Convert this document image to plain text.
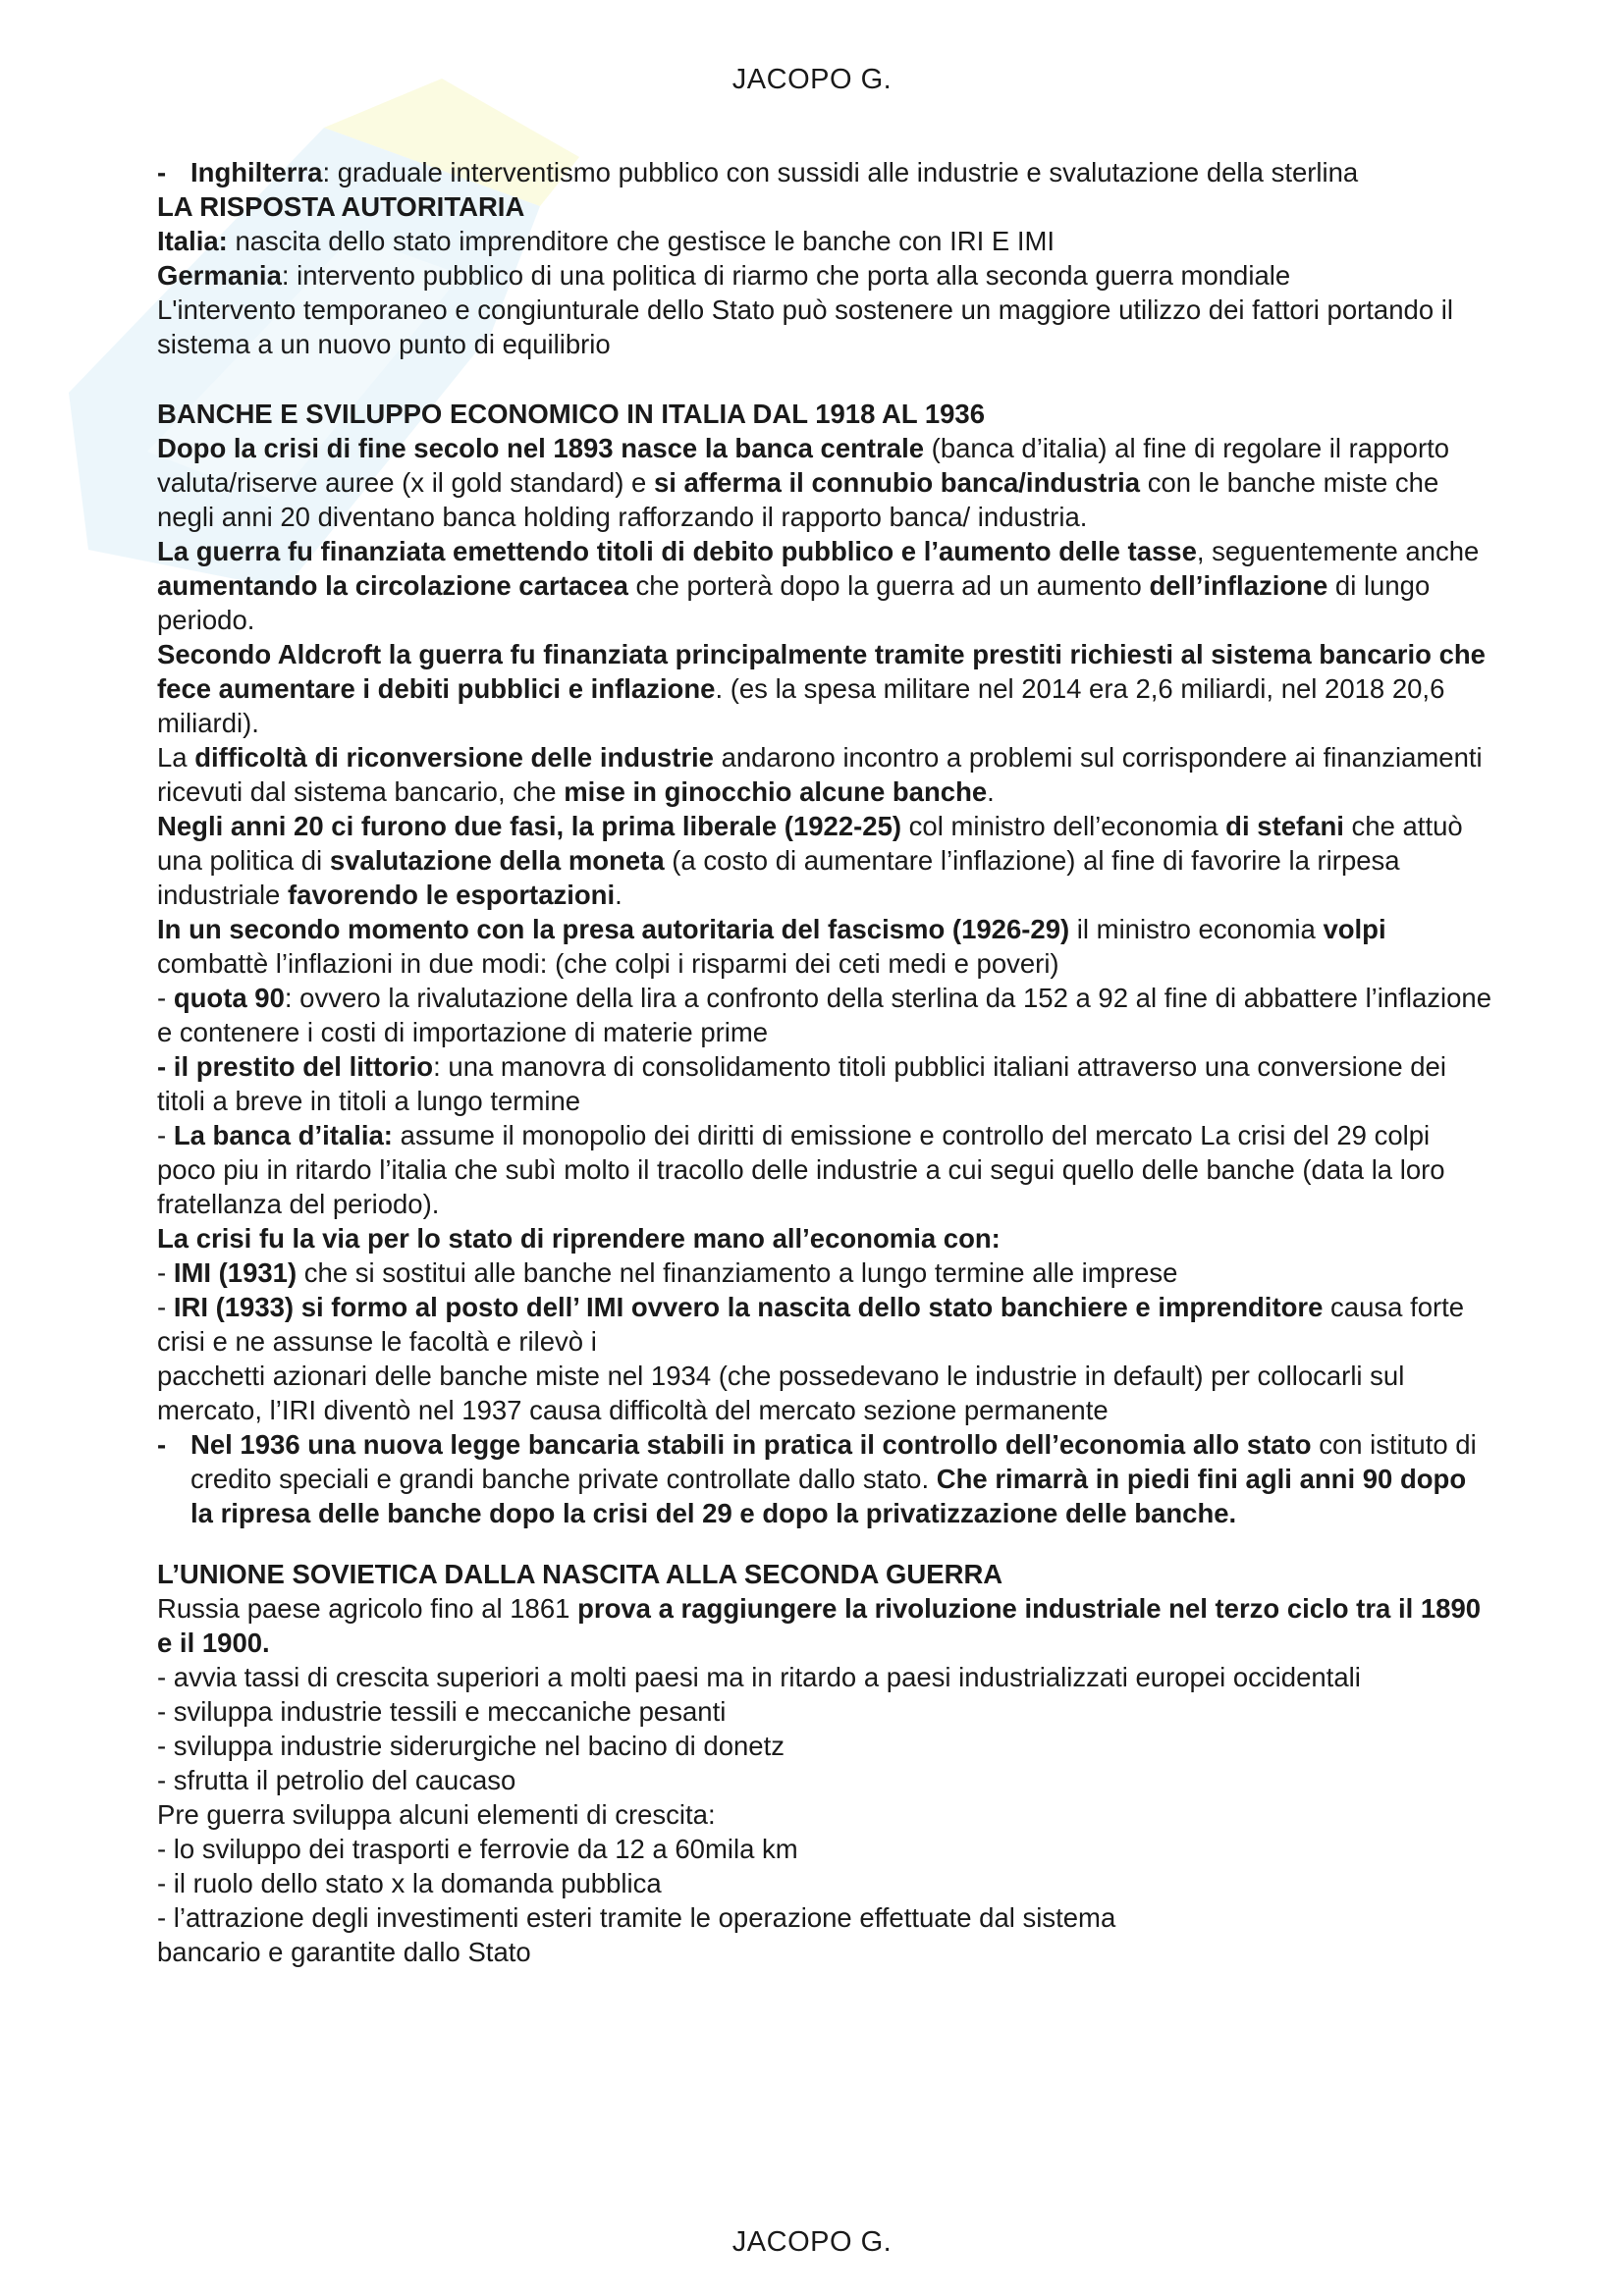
JACOPO G.
- Inghilterra: graduale interventismo pubblico con sussidi alle industrie e svalutazione della sterlina
LA RISPOSTA AUTORITARIA
Italia: nascita dello stato imprenditore che gestisce le banche con IRI E IMI
Germania: intervento pubblico di una politica di riarmo che porta alla seconda guerra mondiale
L'intervento temporaneo e congiunturale dello Stato può sostenere un maggiore utilizzo dei fattori portando il sistema a un nuovo punto di equilibrio
BANCHE E SVILUPPO ECONOMICO IN ITALIA DAL 1918 AL 1936
Dopo la crisi di fine secolo nel 1893 nasce la banca centrale (banca d’italia) al fine di regolare il rapporto valuta/riserve auree (x il gold standard) e si afferma il connubio banca/industria con le banche miste che negli anni 20 diventano banca holding rafforzando il rapporto banca/ industria.
La guerra fu finanziata emettendo titoli di debito pubblico e l’aumento delle tasse, seguentemente anche aumentando la circolazione cartacea che porterà dopo la guerra ad un aumento dell’inflazione di lungo periodo.
Secondo Aldcroft la guerra fu finanziata principalmente tramite prestiti richiesti al sistema bancario che fece aumentare i debiti pubblici e inflazione. (es la spesa militare nel 2014 era 2,6 miliardi, nel 2018 20,6 miliardi).
La difficoltà di riconversione delle industrie andarono incontro a problemi sul corrispondere ai finanziamenti ricevuti dal sistema bancario, che mise in ginocchio alcune banche.
Negli anni 20 ci furono due fasi, la prima liberale (1922-25) col ministro dell’economia di stefani che attuò una politica di svalutazione della moneta (a costo di aumentare l’inflazione) al fine di favorire la rirpesa industriale favorendo le esportazioni.
In un secondo momento con la presa autoritaria del fascismo (1926-29) il ministro economia volpi combattè l’inflazioni in due modi: (che colpi i risparmi dei ceti medi e poveri)
- quota 90: ovvero la rivalutazione della lira a confronto della sterlina da 152 a 92 al fine di abbattere l’inflazione e contenere i costi di importazione di materie prime
- il prestito del littorio: una manovra di consolidamento titoli pubblici italiani attraverso una conversione dei titoli a breve in titoli a lungo termine
- La banca d’italia: assume il monopolio dei diritti di emissione e controllo del mercato La crisi del 29 colpi poco piu in ritardo l’italia che subì molto il tracollo delle industrie a cui segui quello delle banche (data la loro fratellanza del periodo).
La crisi fu la via per lo stato di riprendere mano all’economia con:
- IMI (1931) che si sostitui alle banche nel finanziamento a lungo termine alle imprese
- IRI (1933) si formo al posto dell’ IMI ovvero la nascita dello stato banchiere e imprenditore causa forte crisi e ne assunse le facoltà e rilevò i
pacchetti azionari delle banche miste nel 1934 (che possedevano le industrie in default) per collocarli sul mercato, l’IRI diventò nel 1937 causa difficoltà del mercato sezione permanente
- Nel 1936 una nuova legge bancaria stabili in pratica il controllo dell’economia allo stato con istituto di credito speciali e grandi banche private controllate dallo stato. Che rimarrà in piedi fini agli anni 90 dopo la ripresa delle banche dopo la crisi del 29 e dopo la privatizzazione delle banche.
L’UNIONE SOVIETICA DALLA NASCITA ALLA SECONDA GUERRA
Russia paese agricolo fino al 1861 prova a raggiungere la rivoluzione industriale nel terzo ciclo tra il 1890 e il 1900.
- avvia tassi di crescita superiori a molti paesi ma in ritardo a paesi industrializzati europei occidentali
- sviluppa industrie tessili e meccaniche pesanti
- sviluppa industrie siderurgiche nel bacino di donetz
- sfrutta il petrolio del caucaso
Pre guerra sviluppa alcuni elementi di crescita:
- lo sviluppo dei trasporti e ferrovie da 12 a 60mila km
- il ruolo dello stato x la domanda pubblica
- l’attrazione degli investimenti esteri tramite le operazione effettuate dal sistema
bancario e garantite dallo Stato
JACOPO G.
